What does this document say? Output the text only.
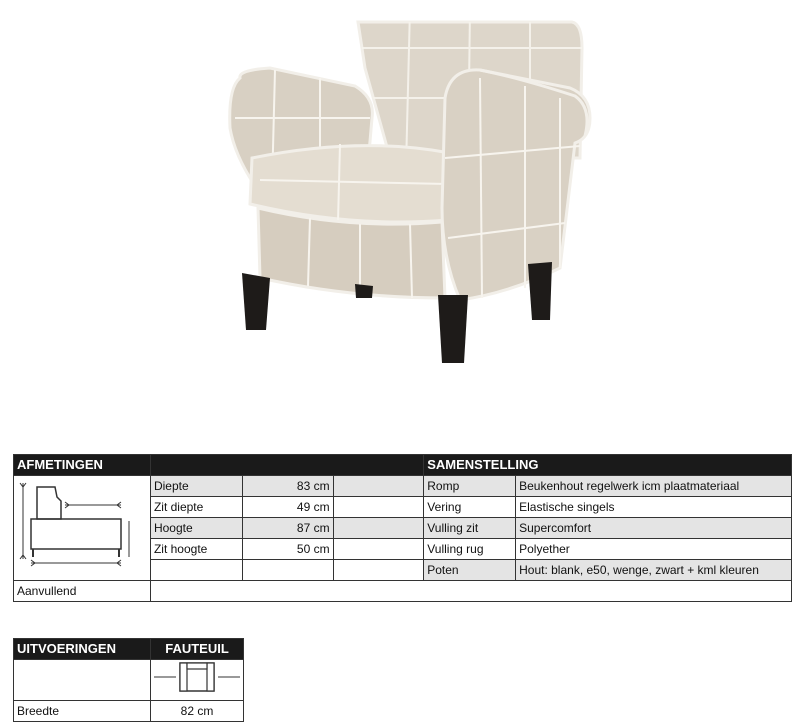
AFMETINGEN				SAMENSTELLING	
	Diepte	83 cm		Romp	Beukenhout regelwerk icm plaatmateriaal
	Zit diepte	49 cm		Vering	Elastische singels
	Hoogte	87 cm		Vulling zit	Supercomfort
	Zit hoogte	50 cm		Vulling rug	Polyether
				Poten	Hout: blank, e50, wenge, zwart + kml kleuren
Aanvullend					
UITVOERINGEN	FAUTEUIL

Breedte	82 cm
